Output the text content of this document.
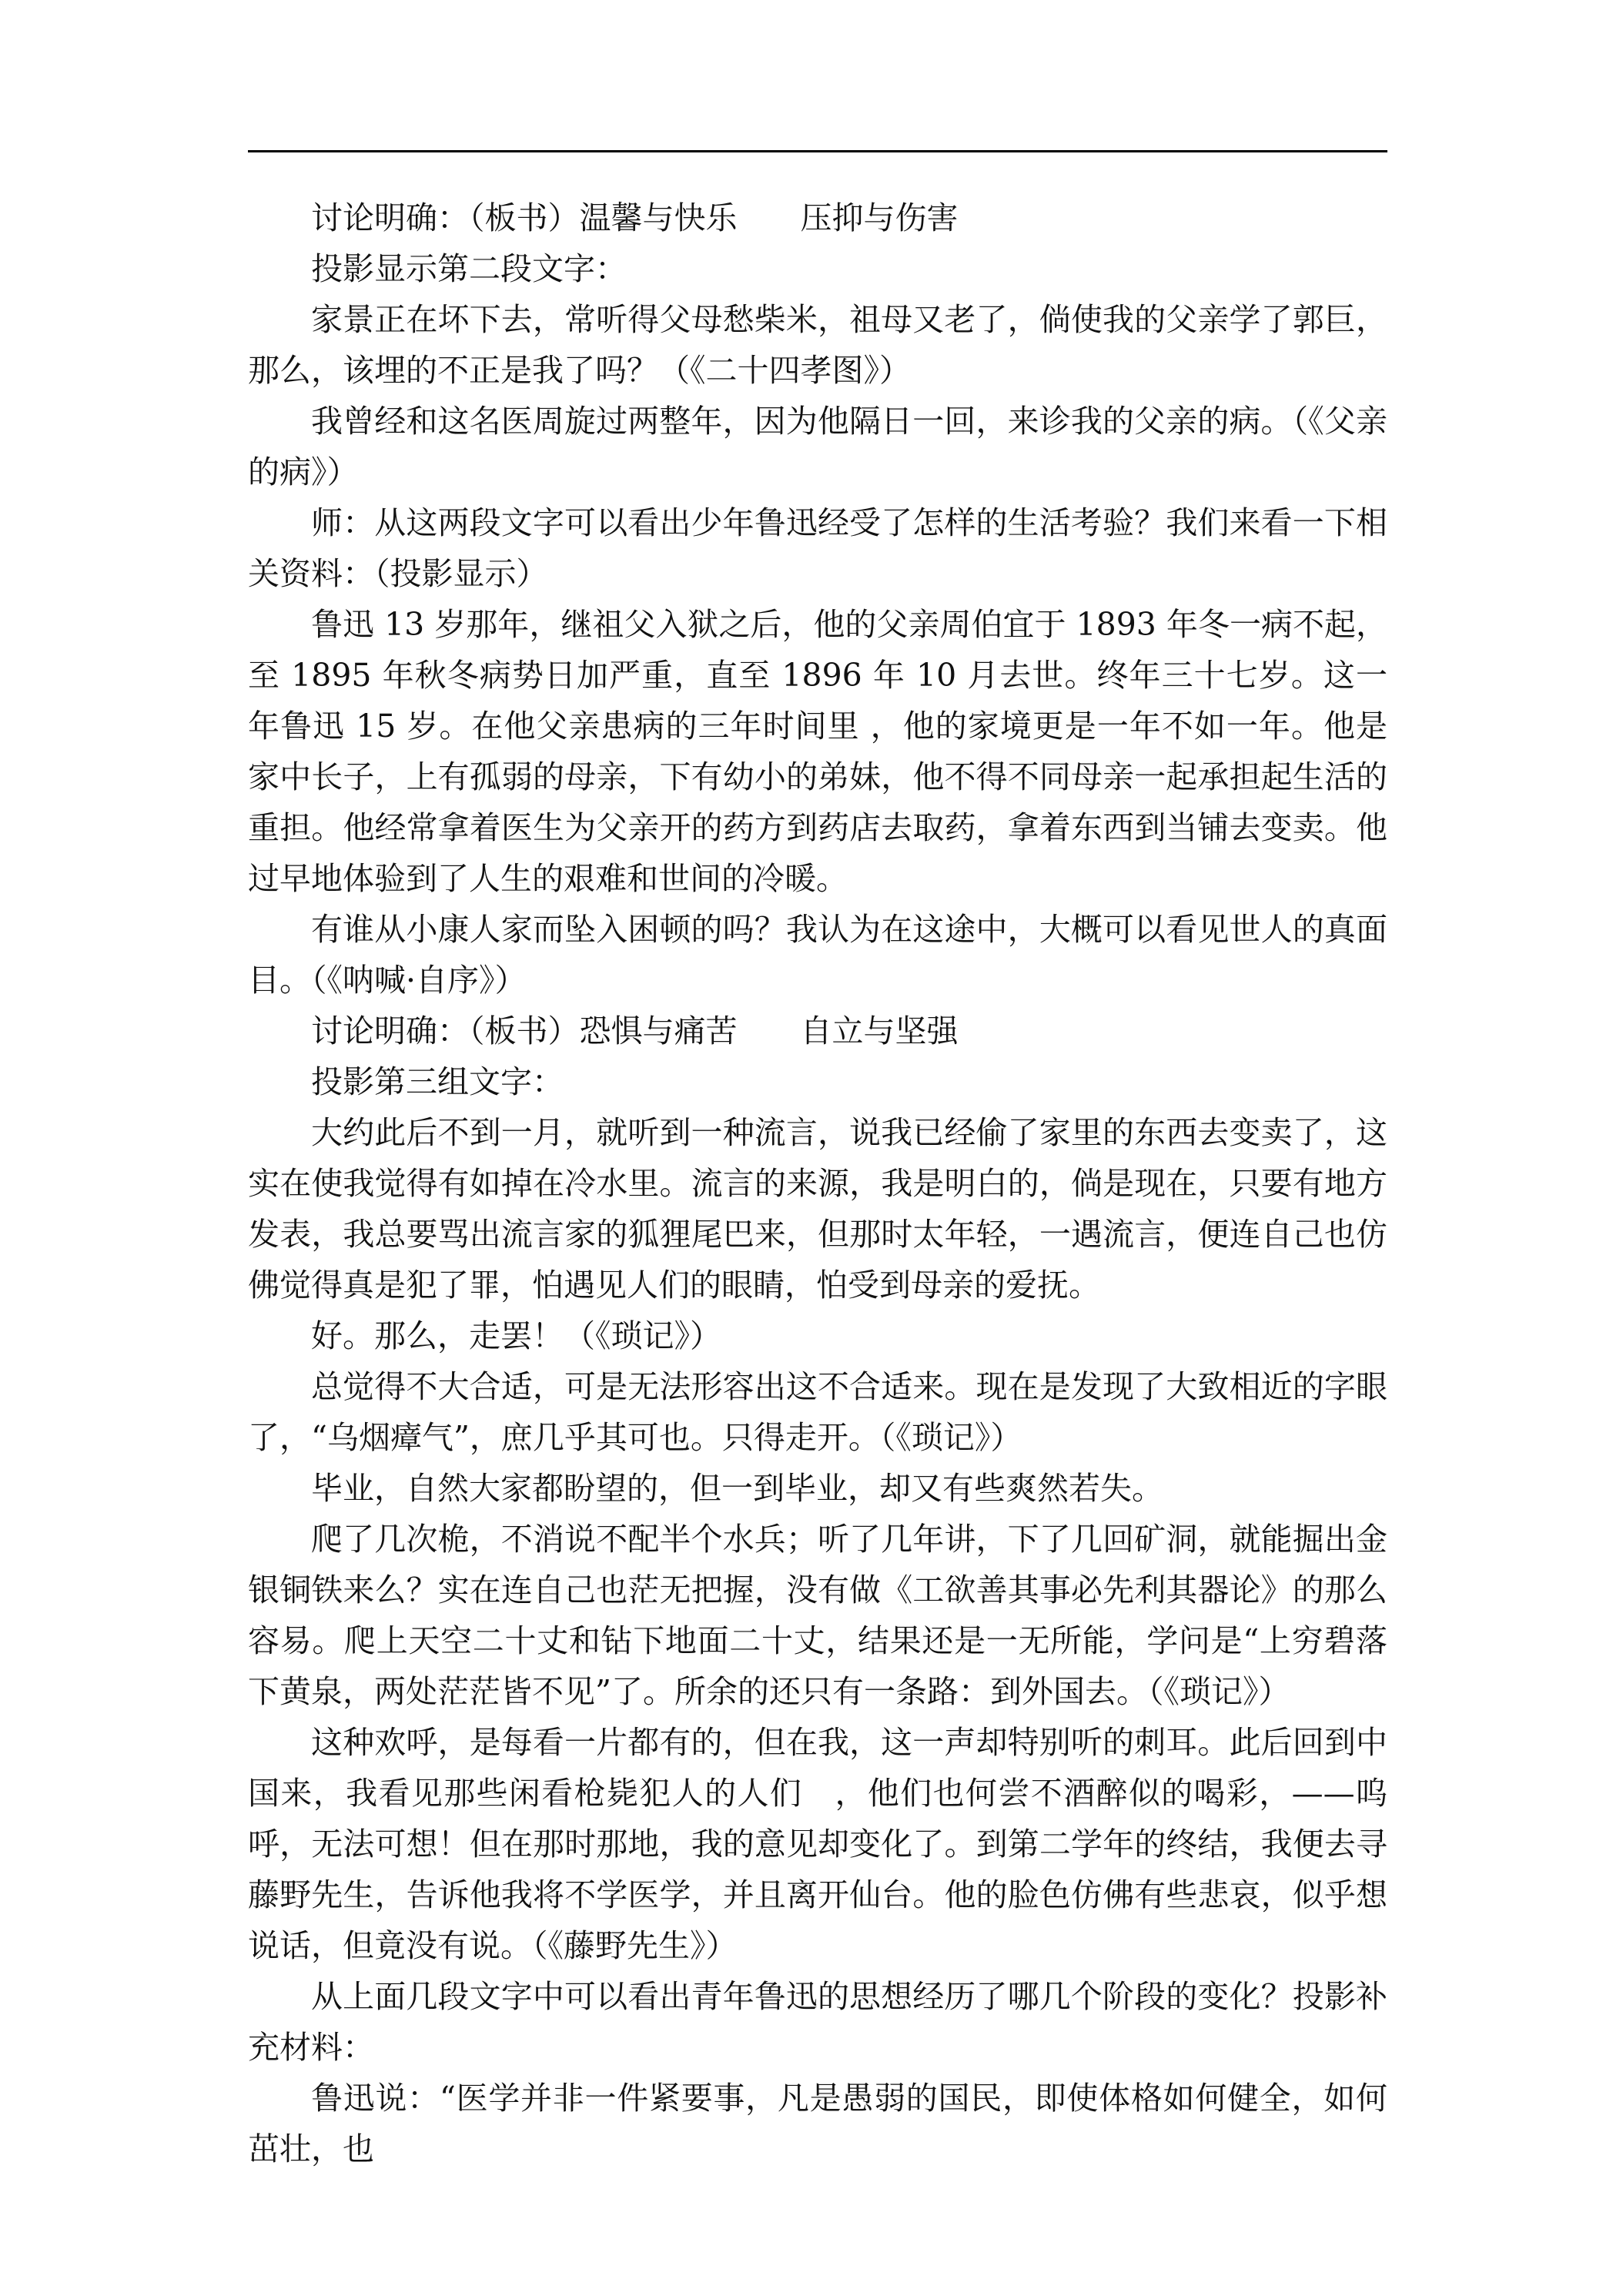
讨论明确：（板书）温馨与快乐　　压抑与伤害

投影显示第二段文字：

家景正在坏下去，常听得父母愁柴米，祖母又老了，倘使我的父亲学了郭巨，那么，该埋的不正是我了吗？（《二十四孝图》）

我曾经和这名医周旋过两整年，因为他隔日一回，来诊我的父亲的病。（《父亲的病》）

师：从这两段文字可以看出少年鲁迅经受了怎样的生活考验？我们来看一下相关资料：（投影显示）

鲁迅 13 岁那年，继祖父入狱之后，他的父亲周伯宜于 1893 年冬一病不起，至 1895 年秋冬病势日加严重，直至 1896 年 10 月去世。终年三十七岁。这一年鲁迅 15 岁。在他父亲患病的三年时间里 ，他的家境更是一年不如一年。他是家中长子，上有孤弱的母亲，下有幼小的弟妹，他不得不同母亲一起承担起生活的重担。他经常拿着医生为父亲开的药方到药店去取药，拿着东西到当铺去变卖。他过早地体验到了人生的艰难和世间的冷暖。

有谁从小康人家而坠入困顿的吗？我认为在这途中，大概可以看见世人的真面目。（《呐喊·自序》）

讨论明确：（板书）恐惧与痛苦　　自立与坚强

投影第三组文字：

大约此后不到一月，就听到一种流言，说我已经偷了家里的东西去变卖了，这实在使我觉得有如掉在冷水里。流言的来源，我是明白的，倘是现在，只要有地方发表，我总要骂出流言家的狐狸尾巴来，但那时太年轻，一遇流言，便连自己也仿佛觉得真是犯了罪，怕遇见人们的眼睛，怕受到母亲的爱抚。

好。那么，走罢！（《琐记》）

总觉得不大合适，可是无法形容出这不合适来。现在是发现了大致相近的字眼了，“乌烟瘴气”，庶几乎其可也。只得走开。（《琐记》）

毕业，自然大家都盼望的，但一到毕业，却又有些爽然若失。

爬了几次桅，不消说不配半个水兵；听了几年讲，下了几回矿洞，就能掘出金银铜铁来么？实在连自己也茫无把握，没有做《工欲善其事必先利其器论》的那么容易。爬上天空二十丈和钻下地面二十丈，结果还是一无所能，学问是“上穷碧落下黄泉，两处茫茫皆不见”了。所余的还只有一条路：到外国去。（《琐记》）

这种欢呼，是每看一片都有的，但在我，这一声却特别听的刺耳。此后回到中国来，我看见那些闲看枪毙犯人的人们　，他们也何尝不酒醉似的喝彩，——呜呼，无法可想！但在那时那地，我的意见却变化了。到第二学年的终结，我便去寻藤野先生，告诉他我将不学医学，并且离开仙台。他的脸色仿佛有些悲哀，似乎想说话，但竟没有说。（《藤野先生》）

从上面几段文字中可以看出青年鲁迅的思想经历了哪几个阶段的变化？投影补充材料：

鲁迅说：“医学并非一件紧要事，凡是愚弱的国民，即使体格如何健全，如何茁壮，也
